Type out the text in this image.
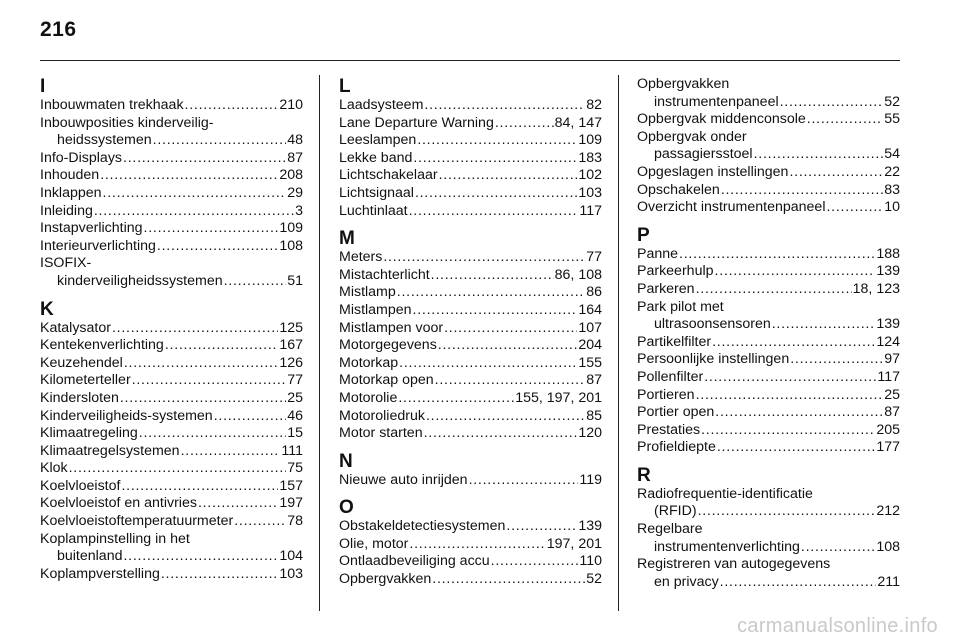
216
I
Inbouwmaten trekhaak . . .	210
Inbouwposities kinderveilig-
heidssystemen . . .	48
Info-Displays . . .	87
Inhouden . . .	208
Inklappen . . .	29
Inleiding . . .	3
Instapverlichting . . .	109
Interieurverlichting . . .	108
ISOFIX-
kinderveiligheidssystemen . . .	51
K
Katalysator . . .	125
Kentekenverlichting . . .	167
Keuzehendel . . .	126
Kilometerteller . . .	77
Kindersloten . . .	25
Kinderveiligheids-systemen . . .	46
Klimaatregeling . . .	15
Klimaatregelsystemen . . .	111
Klok . . .	75
Koelvloeistof . . .	157
Koelvloeistof en antivries . . .	197
Koelvloeistoftemperatuurmeter . . .	78
Koplampinstelling in het
buitenland . . .	104
Koplampverstelling . . .	103
L
Laadsysteem . . .	82
Lane Departure Warning . . .	84, 147
Leeslampen . . .	109
Lekke band . . .	183
Lichtschakelaar . . .	102
Lichtsignaal . . .	103
Luchtinlaat . . .	117
M
Meters . . .	77
Mistachterlicht . . .	86, 108
Mistlamp . . .	86
Mistlampen . . .	164
Mistlampen voor . . .	107
Motorgegevens . . .	204
Motorkap . . .	155
Motorkap open . . .	87
Motorolie . . .	155, 197, 201
Motoroliedruk . . .	85
Motor starten . . .	120
N
Nieuwe auto inrijden . . .	119
O
Obstakeldetectiesystemen . . .	139
Olie, motor . . .	197, 201
Ontlaadbeveiliging accu . . .	110
Opbergvakken . . .	52
Opbergvakken
instrumentenpaneel . . .	52
Opbergvak middenconsole . . .	55
Opbergvak onder
passagiersstoel . . .	54
Opgeslagen instellingen . . .	22
Opschakelen . . .	83
Overzicht instrumentenpaneel . . .	10
P
Panne . . .	188
Parkeerhulp . . .	139
Parkeren . . .	18, 123
Park pilot met
ultrasoonsensoren . . .	139
Partikelfilter . . .	124
Persoonlijke instellingen . . .	97
Pollenfilter . . .	117
Portieren . . .	25
Portier open . . .	87
Prestaties . . .	205
Profieldiepte . . .	177
R
Radiofrequentie-identificatie
(RFID) . . .	212
Regelbare
instrumentenverlichting . . .	108
Registreren van autogegevens
en privacy . . .	211
carmanualsonline.info
